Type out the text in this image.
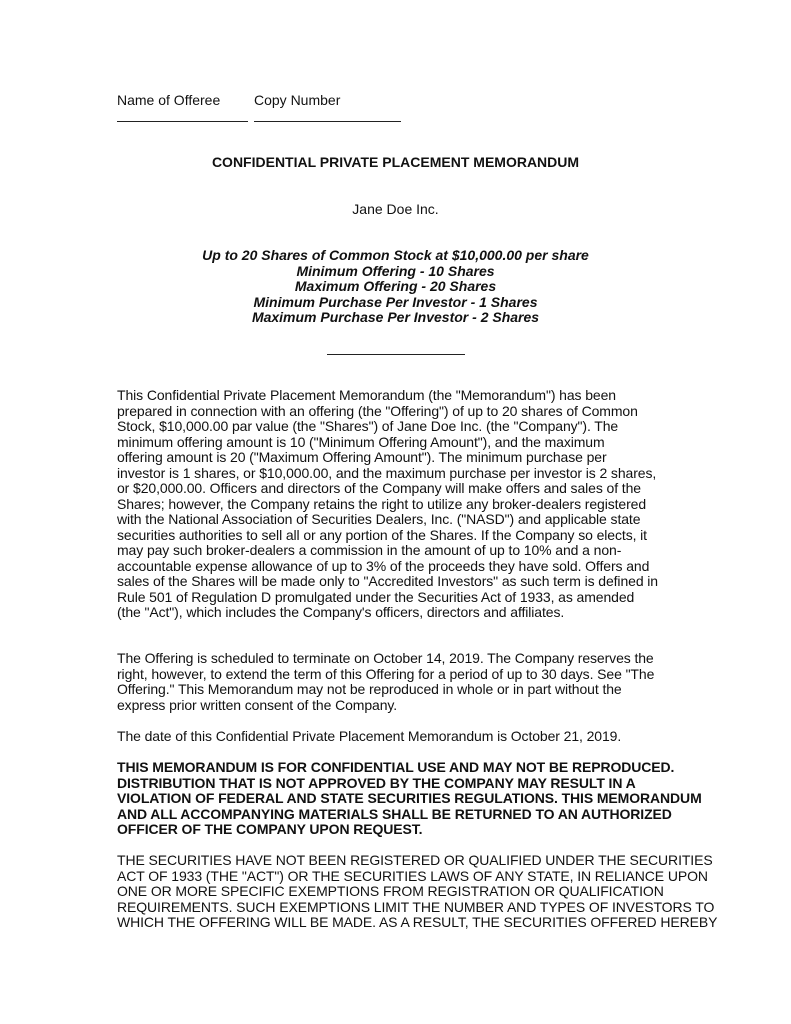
Name of Offeree Copy Number
CONFIDENTIAL PRIVATE PLACEMENT MEMORANDUM
Jane Doe Inc.
Up to 20 Shares of Common Stock at $10,000.00 per share
Minimum Offering - 10 Shares
Maximum Offering - 20 Shares
Minimum Purchase Per Investor - 1 Shares
Maximum Purchase Per Investor - 2 Shares
This Confidential Private Placement Memorandum (the "Memorandum") has been
prepared in connection with an offering (the "Offering") of up to 20 shares of Common
Stock, $10,000.00 par value (the "Shares") of Jane Doe Inc. (the "Company"). The
minimum offering amount is 10 ("Minimum Offering Amount"), and the maximum
offering amount is 20 ("Maximum Offering Amount"). The minimum purchase per
investor is 1 shares, or $10,000.00, and the maximum purchase per investor is 2 shares,
or $20,000.00. Officers and directors of the Company will make offers and sales of the
Shares; however, the Company retains the right to utilize any broker-dealers registered
with the National Association of Securities Dealers, Inc. ("NASD") and applicable state
securities authorities to sell all or any portion of the Shares. If the Company so elects, it
may pay such broker-dealers a commission in the amount of up to 10% and a non-
accountable expense allowance of up to 3% of the proceeds they have sold. Offers and
sales of the Shares will be made only to "Accredited Investors" as such term is defined in
Rule 501 of Regulation D promulgated under the Securities Act of 1933, as amended
(the "Act"), which includes the Company's officers, directors and affiliates.
The Offering is scheduled to terminate on October 14, 2019. The Company reserves the
right, however, to extend the term of this Offering for a period of up to 30 days. See "The
Offering." This Memorandum may not be reproduced in whole or in part without the
express prior written consent of the Company.
The date of this Confidential Private Placement Memorandum is October 21, 2019.
THIS MEMORANDUM IS FOR CONFIDENTIAL USE AND MAY NOT BE REPRODUCED.
DISTRIBUTION THAT IS NOT APPROVED BY THE COMPANY MAY RESULT IN A
VIOLATION OF FEDERAL AND STATE SECURITIES REGULATIONS. THIS MEMORANDUM
AND ALL ACCOMPANYING MATERIALS SHALL BE RETURNED TO AN AUTHORIZED
OFFICER OF THE COMPANY UPON REQUEST.
THE SECURITIES HAVE NOT BEEN REGISTERED OR QUALIFIED UNDER THE SECURITIES
ACT OF 1933 (THE "ACT") OR THE SECURITIES LAWS OF ANY STATE, IN RELIANCE UPON
ONE OR MORE SPECIFIC EXEMPTIONS FROM REGISTRATION OR QUALIFICATION
REQUIREMENTS. SUCH EXEMPTIONS LIMIT THE NUMBER AND TYPES OF INVESTORS TO
WHICH THE OFFERING WILL BE MADE. AS A RESULT, THE SECURITIES OFFERED HEREBY
